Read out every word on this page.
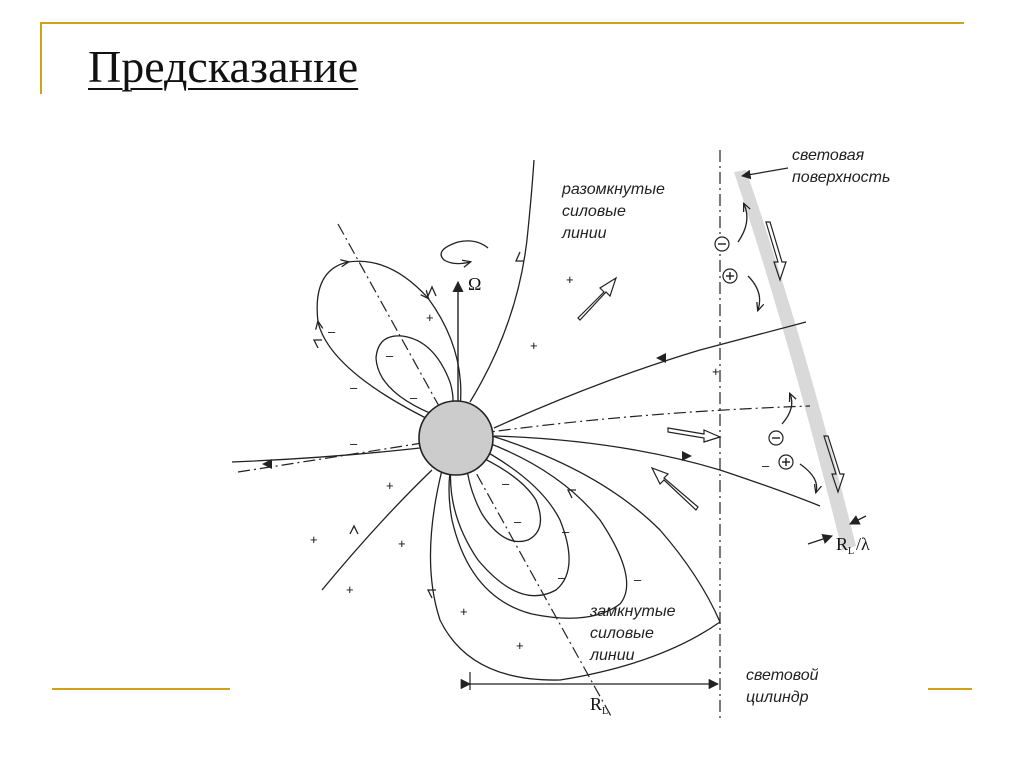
Предсказание
Ω
+
+
+
+
+
+	+
+
+
+
–
–
–
–
–
–
–
–
–	–
–
разомкнутые
силовые
линии
замкнутые
силовые
линии
световая
поверхность
световой
цилиндр
R L
R L /λ
